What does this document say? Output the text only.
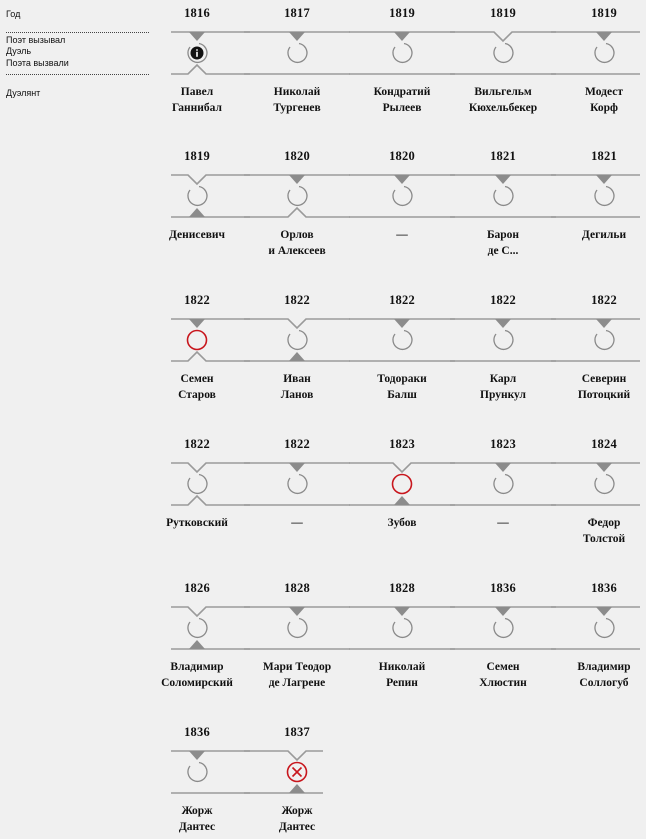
Год
Поэт вызывал
Дуэль
Поэта вызвали
Дуэлянт
1816
Павел
Ганнибал
1817
Николай
Тургенев
1819
Кондратий
Рылеев
1819
Вильгельм
Кюхельбекер
1819
Модест
Корф
1819
Денисевич
1820
Орлов
и Алексеев
1820
—
1821
Барон
де С...
1821
Дегильи
1822
Семен
Старов
1822
Иван
Ланов
1822
Тодораки
Балш
1822
Карл
Прункул
1822
Северин
Потоцкий
1822
Рутковский
1822
—
1823
Зубов
1823
—
1824
Федор
Толстой
1826
Владимир
Соломирский
1828
Мари Теодор
де Лагрене
1828
Николай
Репин
1836
Семен
Хлюстин
1836
Владимир
Соллогуб
1836
Жорж
Дантес
1837
Жорж
Дантес
